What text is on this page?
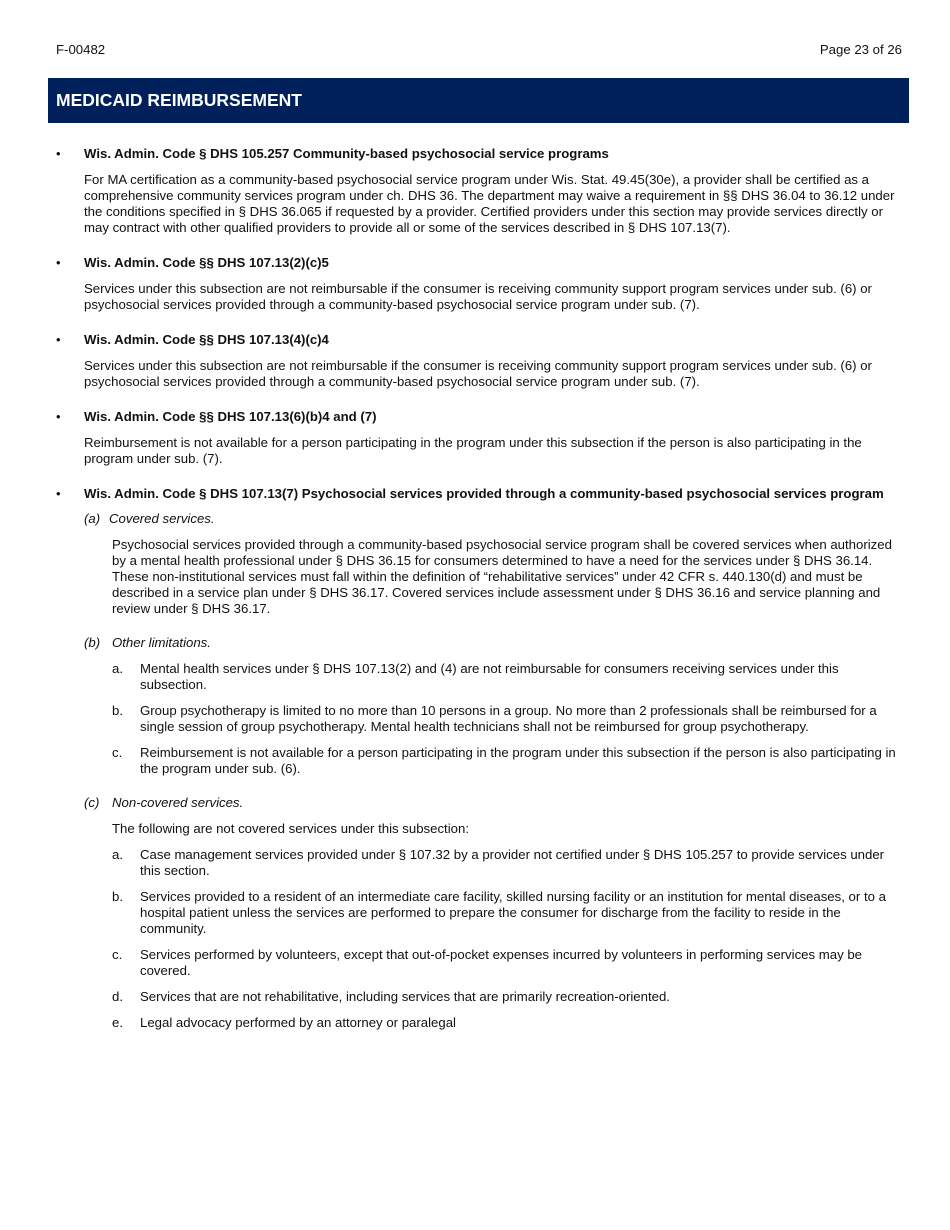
F-00482	Page 23 of 26
MEDICAID REIMBURSEMENT
• Wis. Admin. Code § DHS 105.257 Community-based psychosocial service programs
For MA certification as a community-based psychosocial service program under Wis. Stat. 49.45(30e), a provider shall be certified as a comprehensive community services program under ch. DHS 36. The department may waive a requirement in §§ DHS 36.04 to 36.12 under the conditions specified in § DHS 36.065 if requested by a provider. Certified providers under this section may provide services directly or may contract with other qualified providers to provide all or some of the services described in § DHS 107.13(7).
• Wis. Admin. Code §§ DHS 107.13(2)(c)5
Services under this subsection are not reimbursable if the consumer is receiving community support program services under sub. (6) or psychosocial services provided through a community-based psychosocial service program under sub. (7).
• Wis. Admin. Code §§ DHS 107.13(4)(c)4
Services under this subsection are not reimbursable if the consumer is receiving community support program services under sub. (6) or psychosocial services provided through a community-based psychosocial service program under sub. (7).
• Wis. Admin. Code §§ DHS 107.13(6)(b)4 and (7)
Reimbursement is not available for a person participating in the program under this subsection if the person is also participating in the program under sub. (7).
• Wis. Admin. Code § DHS 107.13(7) Psychosocial services provided through a community-based psychosocial services program
(a) Covered services.
Psychosocial services provided through a community-based psychosocial service program shall be covered services when authorized by a mental health professional under § DHS 36.15 for consumers determined to have a need for the services under § DHS 36.14. These non-institutional services must fall within the definition of “rehabilitative services” under 42 CFR s. 440.130(d) and must be described in a service plan under § DHS 36.17. Covered services include assessment under § DHS 36.16 and service planning and review under § DHS 36.17.
(b) Other limitations.
a. Mental health services under § DHS 107.13(2) and (4) are not reimbursable for consumers receiving services under this subsection.
b. Group psychotherapy is limited to no more than 10 persons in a group. No more than 2 professionals shall be reimbursed for a single session of group psychotherapy. Mental health technicians shall not be reimbursed for group psychotherapy.
c. Reimbursement is not available for a person participating in the program under this subsection if the person is also participating in the program under sub. (6).
(c) Non-covered services.
The following are not covered services under this subsection:
a. Case management services provided under § 107.32 by a provider not certified under § DHS 105.257 to provide services under this section.
b. Services provided to a resident of an intermediate care facility, skilled nursing facility or an institution for mental diseases, or to a hospital patient unless the services are performed to prepare the consumer for discharge from the facility to reside in the community.
c. Services performed by volunteers, except that out-of-pocket expenses incurred by volunteers in performing services may be covered.
d. Services that are not rehabilitative, including services that are primarily recreation-oriented.
e. Legal advocacy performed by an attorney or paralegal
